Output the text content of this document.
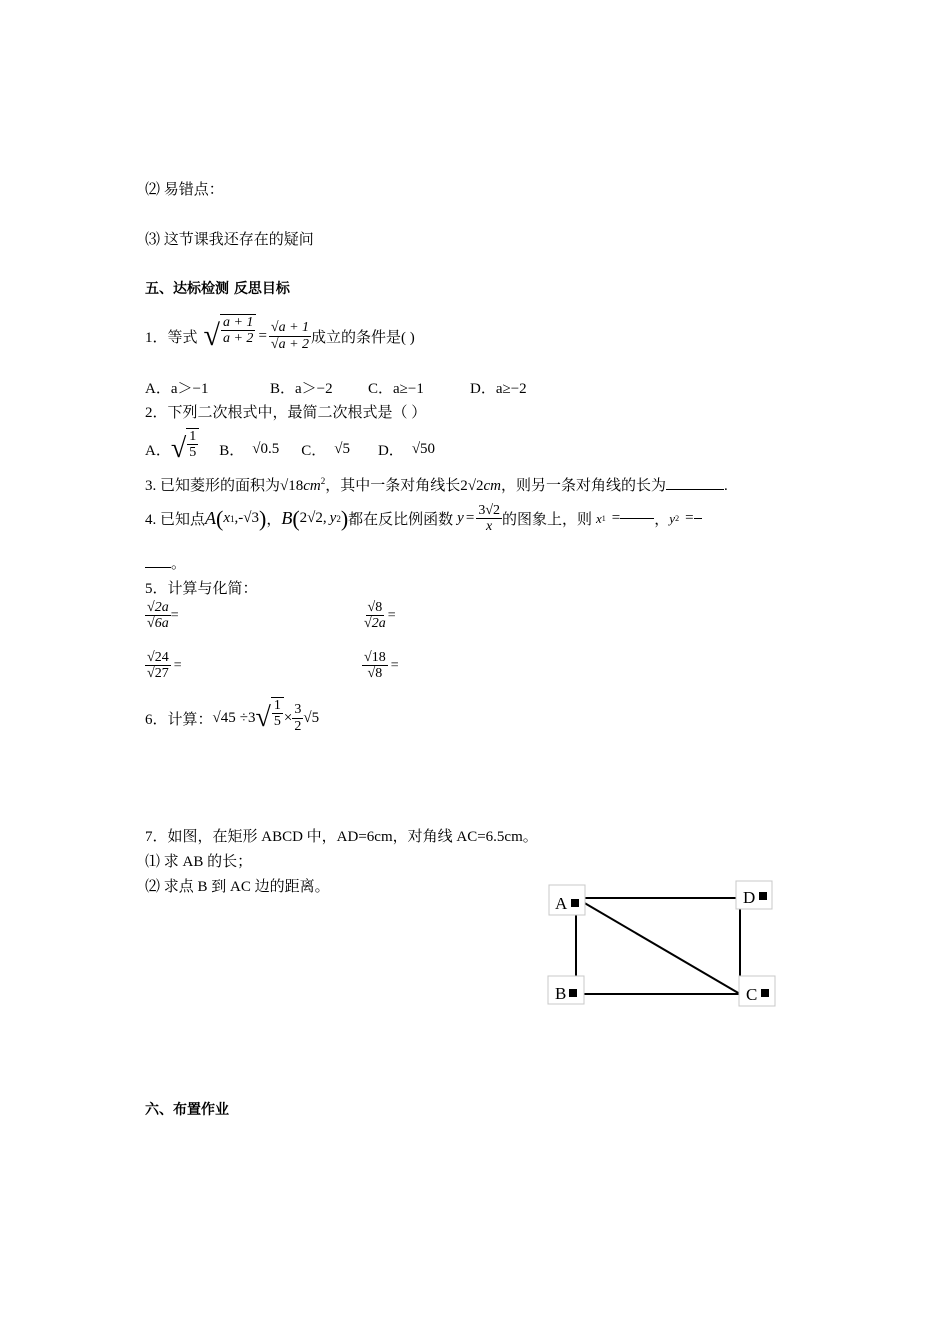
⑵ 易错点：
⑶ 这节课我还存在的疑问
五、达标检测 反思目标
1．等式 √ $\frac{a + 1}{a + 2} = \frac{√a + 1}{√a + 2}$ 成立的条件是( )
A．a＞−1	B．a＞−2 C．a≥−1	D．a≥−2
2．下列二次根式中，最简二次根式是（ ）
A． √ $\frac{1}{5}$ B． √0.5 C． √5 D． √50
3. 已知菱形的面积为 $√18cm^2$ ，其中一条对角线长 2√2cm ，则另一条对角线的长为	.
4. 已知点 A ( x 1 ,- √3 ) ， B ( 2 √2, y 2 ) 都在反比例函数 $y = \frac{3√2}{x}$ 的图象上，则 x 1 = ， y 2 =
。
5．计算与化简：
$\frac{√2a}{√6a}$ =	$\frac{√8}{√2a}$ =
$\frac{√24}{√27}$ =	$\frac{√18}{√8}$ =
6．计算： √45 ÷3 √ $\frac{1}{5} \times \frac{3}{2} √5$
7．如图，在矩形 ABCD 中，AD=6cm，对角线 AC=6.5cm。
⑴ 求 AB 的长；
⑵ 求点 B 到 AC 边的距离。
A	D
B	C
六、布置作业
